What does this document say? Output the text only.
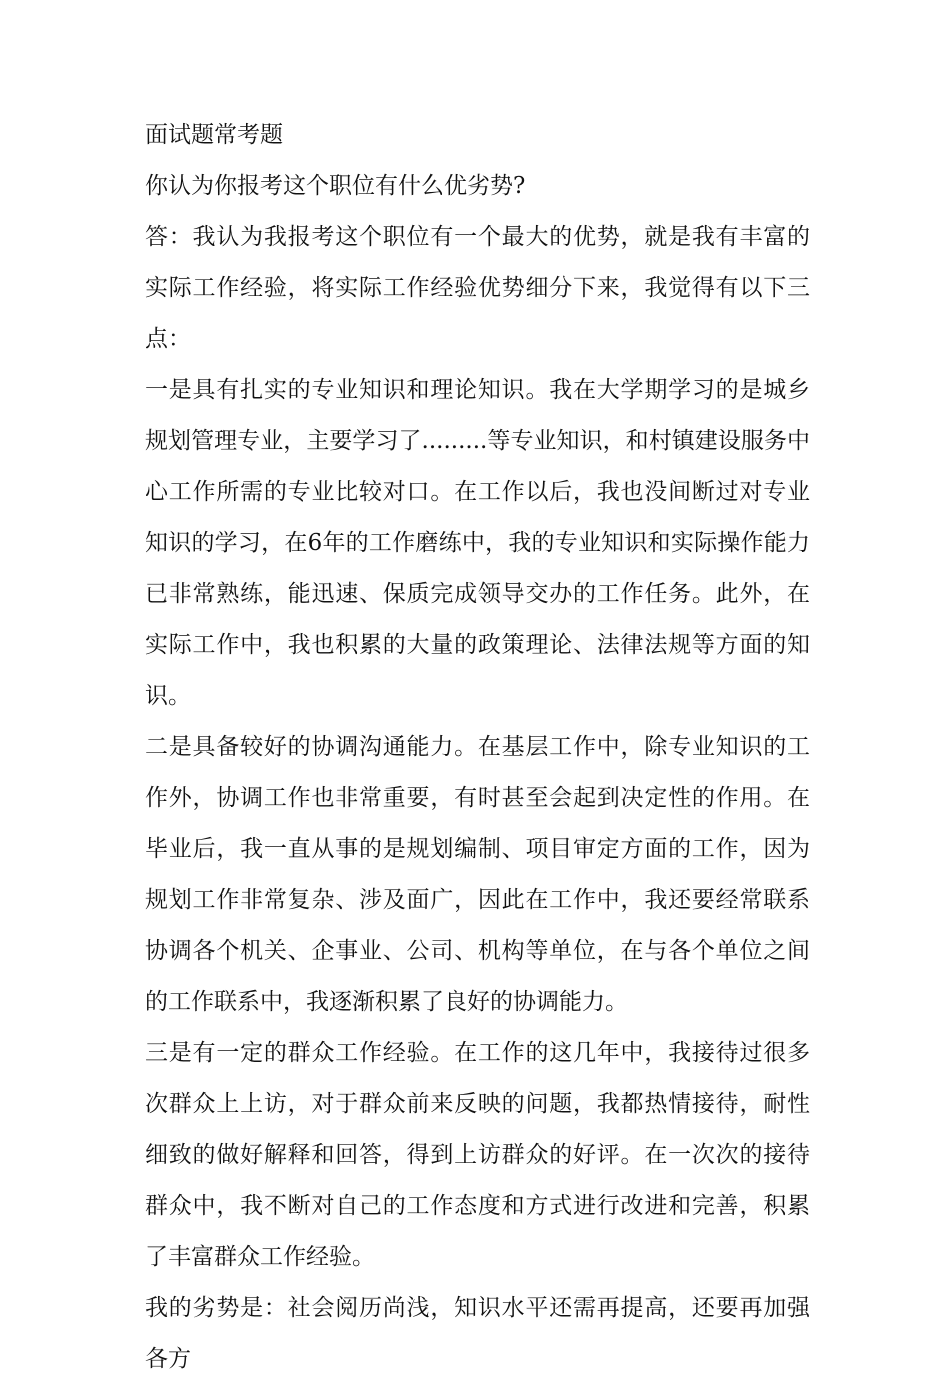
面试题常考题

你认为你报考这个职位有什么优劣势?

答：我认为我报考这个职位有一个最大的优势，就是我有丰富的实际工作经验，将实际工作经验优势细分下来，我觉得有以下三点：

一是具有扎实的专业知识和理论知识。我在大学期学习的是城乡规划管理专业，主要学习了.........等专业知识，和村镇建设服务中心工作所需的专业比较对口。在工作以后，我也没间断过对专业知识的学习，在6年的工作磨练中，我的专业知识和实际操作能力已非常熟练，能迅速、保质完成领导交办的工作任务。此外，在实际工作中，我也积累的大量的政策理论、法律法规等方面的知识。

二是具备较好的协调沟通能力。在基层工作中，除专业知识的工作外，协调工作也非常重要，有时甚至会起到决定性的作用。在毕业后，我一直从事的是规划编制、项目审定方面的工作，因为规划工作非常复杂、涉及面广，因此在工作中，我还要经常联系协调各个机关、企事业、公司、机构等单位，在与各个单位之间的工作联系中，我逐渐积累了良好的协调能力。

三是有一定的群众工作经验。在工作的这几年中，我接待过很多次群众上上访，对于群众前来反映的问题，我都热情接待，耐性细致的做好解释和回答，得到上访群众的好评。在一次次的接待群众中，我不断对自己的工作态度和方式进行改进和完善，积累了丰富群众工作经验。

我的劣势是：社会阅历尚浅，知识水平还需再提高，还要再加强各方
